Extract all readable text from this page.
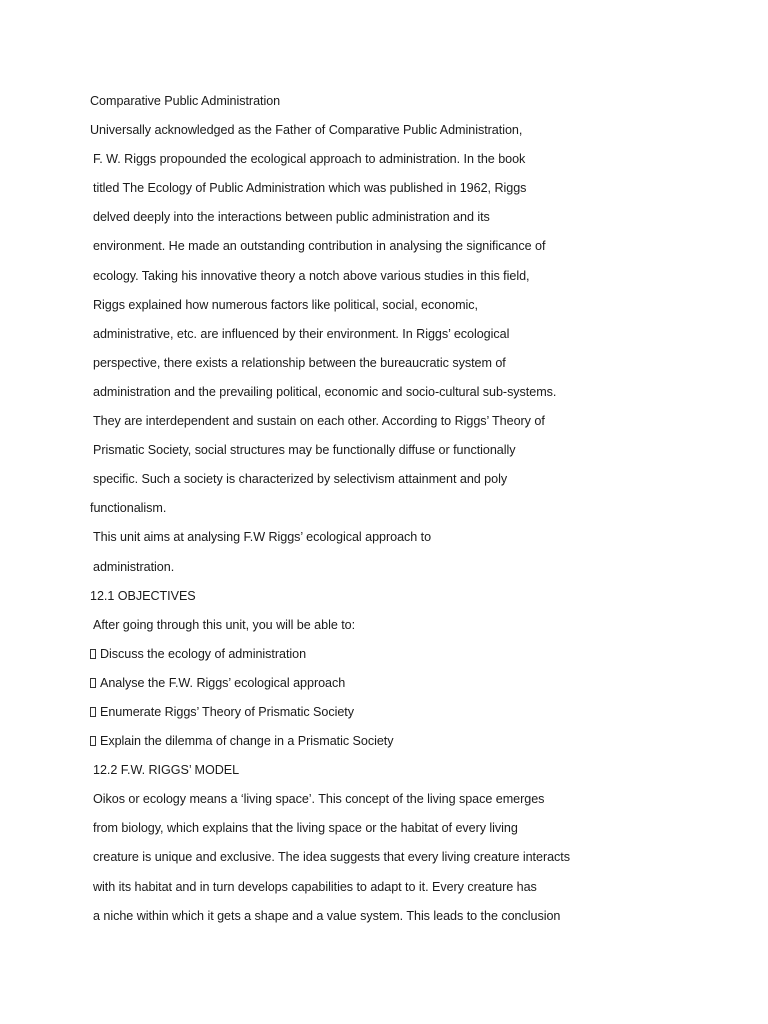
Comparative Public Administration
Universally acknowledged as the Father of Comparative Public Administration,
F. W. Riggs propounded the ecological approach to administration. In the book
titled The Ecology of Public Administration which was published in 1962, Riggs
delved deeply into the interactions between public administration and its
environment. He made an outstanding contribution in analysing the significance of
ecology. Taking his innovative theory a notch above various studies in this field,
Riggs explained how numerous factors like political, social, economic,
administrative, etc. are influenced by their environment. In Riggs’ ecological
perspective, there exists a relationship between the bureaucratic system of
administration and the prevailing political, economic and socio-cultural sub-systems.
They are interdependent and sustain on each other. According to Riggs’ Theory of
Prismatic Society, social structures may be functionally diffuse or functionally
specific. Such a society is characterized by selectivism attainment and poly
functionalism.
This unit aims at analysing F.W Riggs’ ecological approach to
administration.
12.1 OBJECTIVES
After going through this unit, you will be able to:
Discuss the ecology of administration
Analyse the F.W. Riggs’ ecological approach
Enumerate Riggs’ Theory of Prismatic Society
Explain the dilemma of change in a Prismatic Society
12.2 F.W. RIGGS’ MODEL
Oikos or ecology means a ‘living space’. This concept of the living space emerges
from biology, which explains that the living space or the habitat of every living
creature is unique and exclusive. The idea suggests that every living creature interacts
with its habitat and in turn develops capabilities to adapt to it. Every creature has
a niche within which it gets a shape and a value system. This leads to the conclusion
